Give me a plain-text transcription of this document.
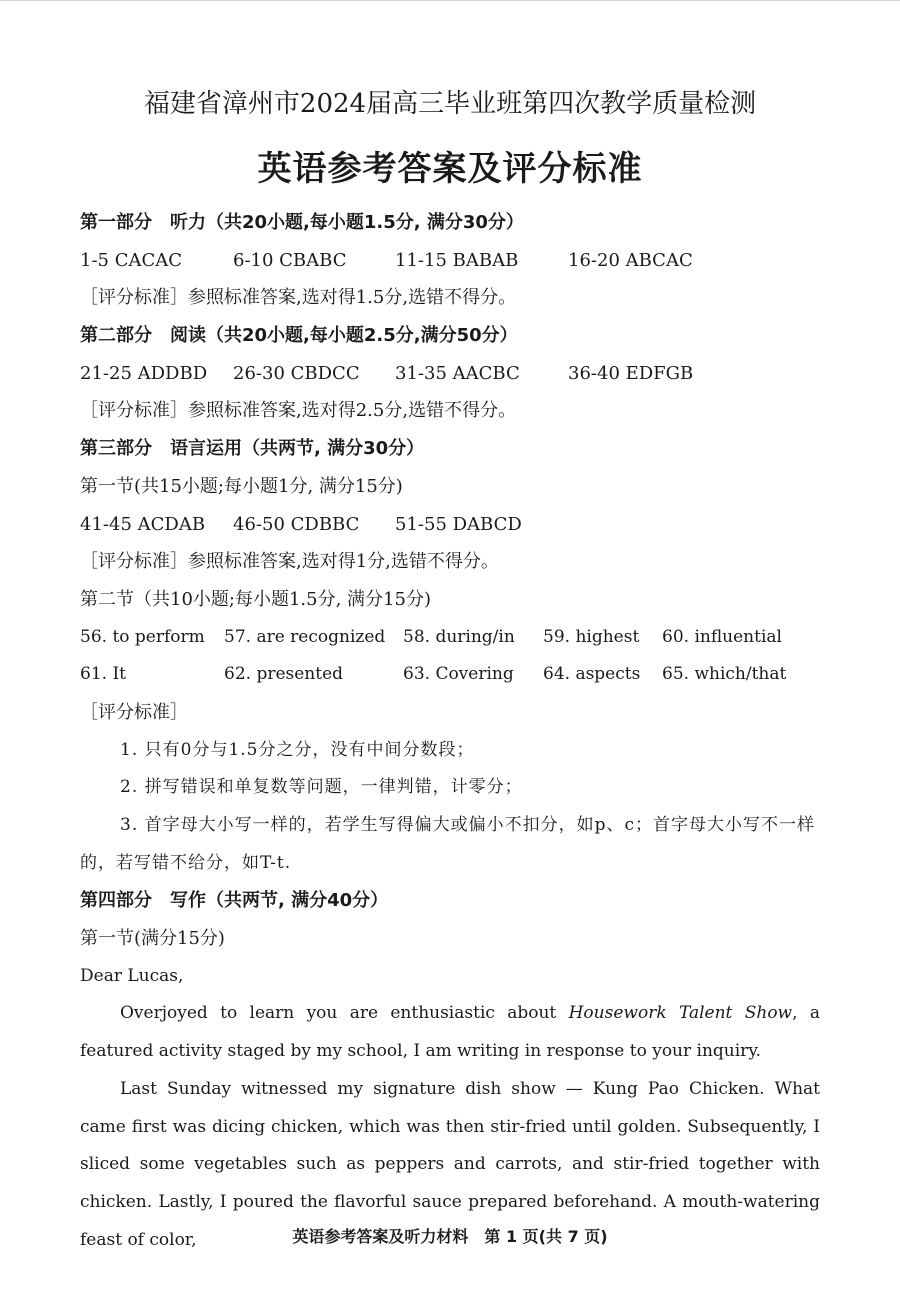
福建省漳州市2024届高三毕业班第四次教学质量检测
英语参考答案及评分标准
第一部分　听力（共20小题,每小题1.5分, 满分30分）
1-5 CACAC	6-10 CBABC	11-15 BABAB	16-20 ABCAC
［评分标准］参照标准答案,选对得1.5分,选错不得分。
第二部分　阅读（共20小题,每小题2.5分,满分50分）
21-25 ADDBD	26-30 CBDCC	31-35 AACBC	36-40 EDFGB
［评分标准］参照标准答案,选对得2.5分,选错不得分。
第三部分　语言运用（共两节, 满分30分）
第一节(共15小题;每小题1分, 满分15分)
41-45 ACDAB	46-50 CDBBC	51-55 DABCD
［评分标准］参照标准答案,选对得1分,选错不得分。
第二节（共10小题;每小题1.5分, 满分15分)
56. to perform	57. are recognized	58. during/in	59. highest	60. influential
61. It	62. presented	63. Covering	64. aspects	65. which/that
［评分标准］
1. 只有0分与1.5分之分，没有中间分数段；
2. 拼写错误和单复数等问题，一律判错，计零分；

3. 首字母大小写一样的，若学生写得偏大或偏小不扣分，如p、c；首字母大小写不一样的，若写错不给分，如T-t.

第四部分　写作（共两节, 满分40分）
第一节(满分15分)
Dear Lucas,

Overjoyed to learn you are enthusiastic about Housework Talent Show, a featured activity staged by my school, I am writing in response to your inquiry.

Last Sunday witnessed my signature dish show — Kung Pao Chicken. What came first was dicing chicken, which was then stir-fried until golden. Subsequently, I sliced some vegetables such as peppers and carrots, and stir-fried together with chicken. Lastly, I poured the flavorful sauce prepared beforehand. A mouth-watering feast of color,	英语参考答案及听力材料　第 1 页(共 7 页)
